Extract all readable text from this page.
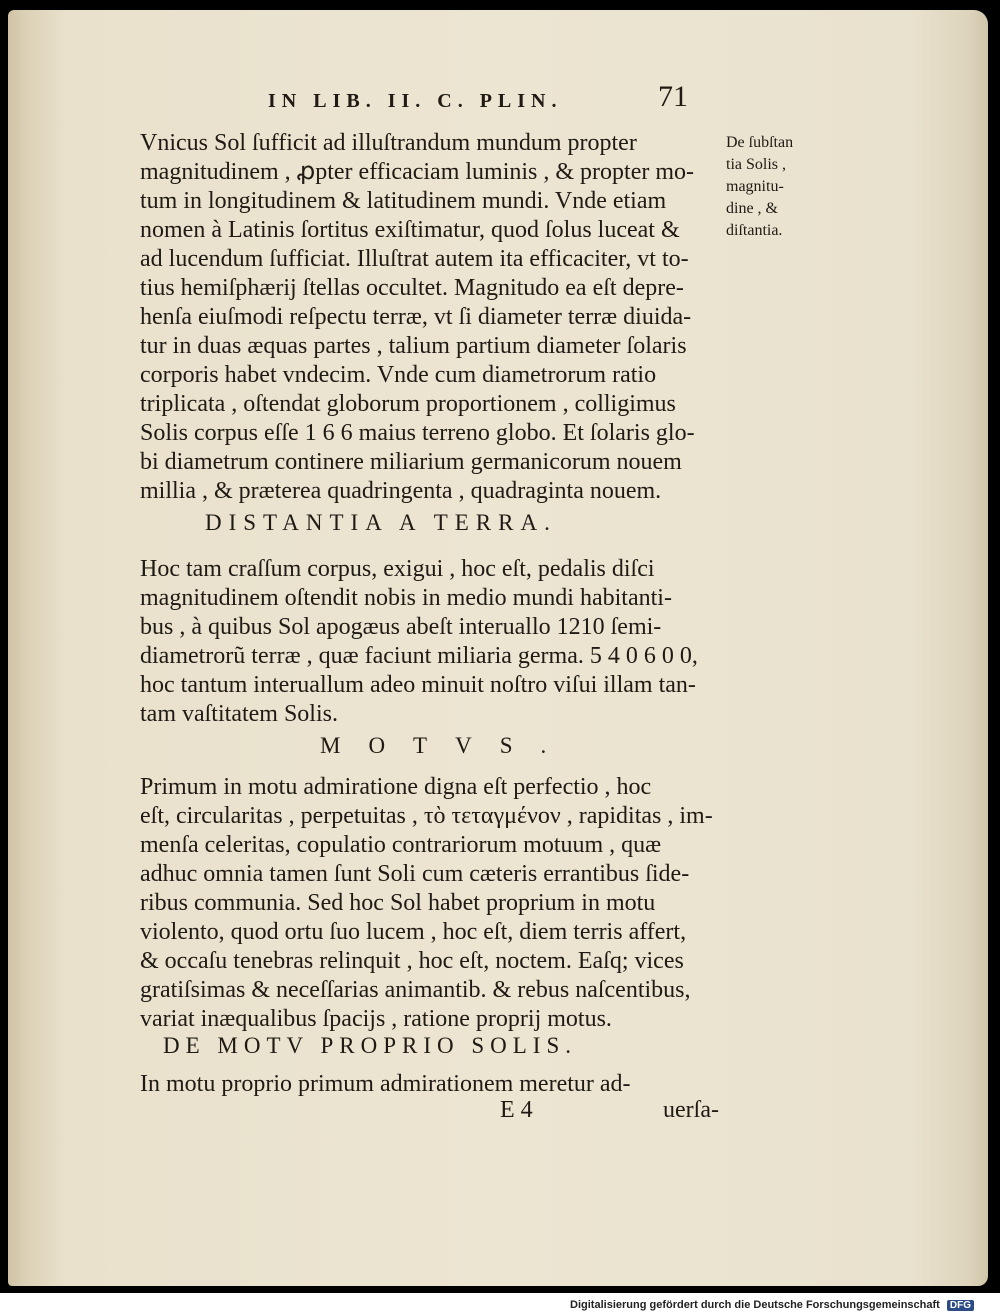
IN LIB. II. C. PLIN.	71
De ſubſtan
tia Solis ,
magnitu-
dine , &
diſtantia.
Vnicus Sol ſufficit ad illuſtrandum mundum propter
magnitudinem , ꝓpter efficaciam luminis , & propter mo-
tum in longitudinem & latitudinem mundi. Vnde etiam
nomen à Latinis ſortitus exiſtimatur, quod ſolus luceat &
ad lucendum ſufficiat. Illuſtrat autem ita efficaciter, vt to-
tius hemiſphærij ſtellas occultet. Magnitudo ea eſt depre-
henſa eiuſmodi reſpectu terræ, vt ſi diameter terræ diuida-
tur in duas æquas partes , talium partium diameter ſolaris
corporis habet vndecim. Vnde cum diametrorum ratio
triplicata , oſtendat globorum proportionem , colligimus
Solis corpus eſſe 1 6 6 maius terreno globo. Et ſolaris glo-
bi diametrum continere miliarium germanicorum nouem
millia , & præterea quadringenta , quadraginta nouem.
DISTANTIA A TERRA.
Hoc tam craſſum corpus, exigui , hoc eſt, pedalis diſci
magnitudinem oſtendit nobis in medio mundi habitanti-
bus , à quibus Sol apogæus abeſt interuallo 1210 ſemi-
diametrorũ terræ , quæ faciunt miliaria germa. 5 4 0 6 0 0,
hoc tantum interuallum adeo minuit noſtro viſui illam tan-
tam vaſtitatem Solis.
MOTVS.
Primum in motu admiratione digna eſt perfectio , hoc
eſt, circularitas , perpetuitas , τὸ τεταγμένον , rapiditas , im-
menſa celeritas, copulatio contrariorum motuum , quæ
adhuc omnia tamen ſunt Soli cum cæteris errantibus ſide-
ribus communia. Sed hoc Sol habet proprium in motu
violento, quod ortu ſuo lucem , hoc eſt, diem terris affert,
& occaſu tenebras relinquit , hoc eſt, noctem. Eaſq; vices
gratiſsimas & neceſſarias animantib. & rebus naſcentibus,
variat inæqualibus ſpacijs , ratione proprij motus.
DE MOTV PROPRIO SOLIS.
In motu proprio primum admirationem meretur ad-
E 4	uerſa-
Digitalisierung gefördert durch die Deutsche Forschungsgemeinschaft DFG
